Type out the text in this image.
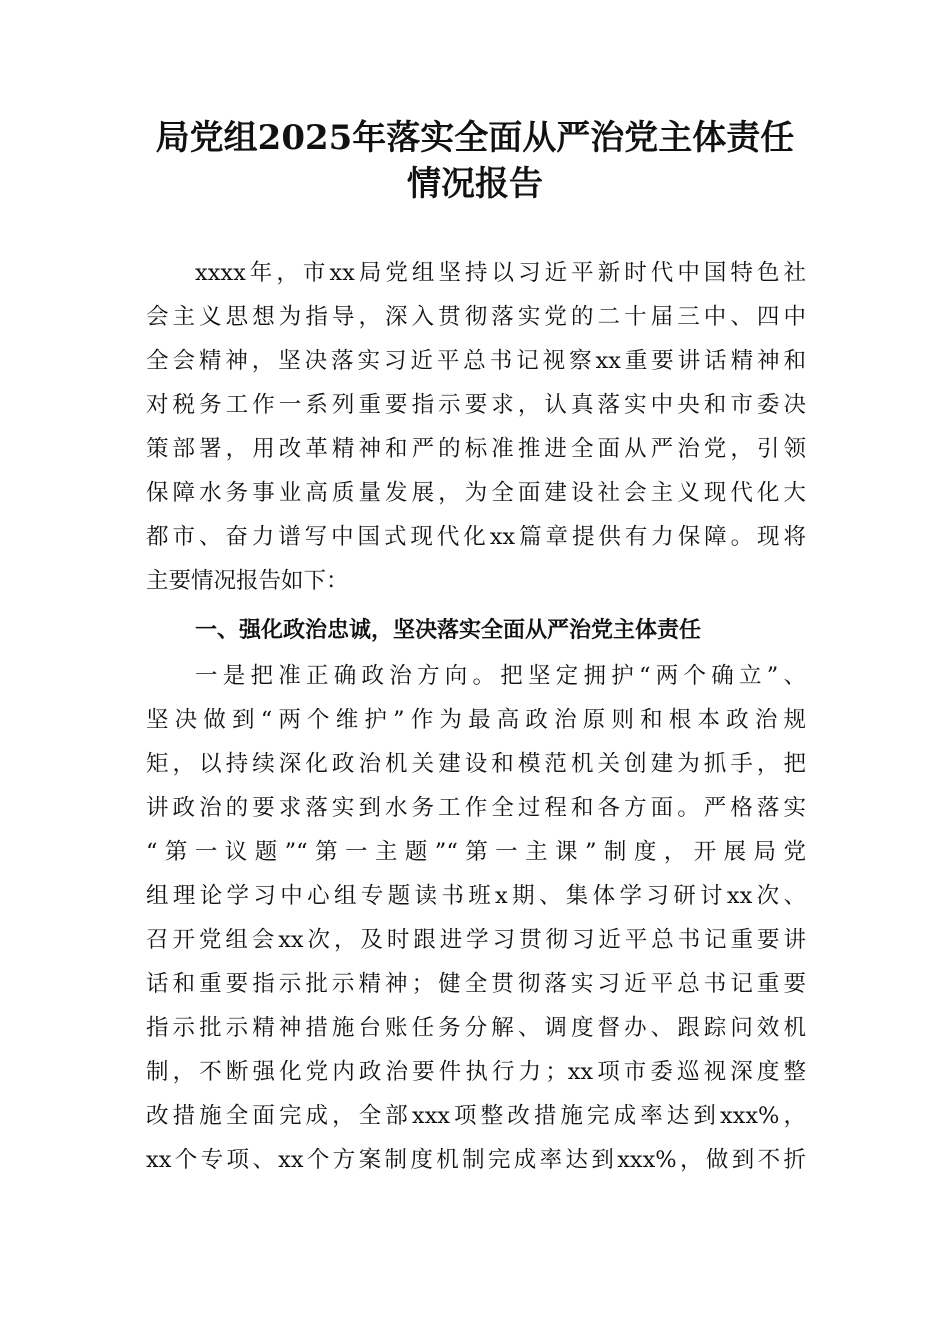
局党组2025年落实全面从严治党主体责任
情况报告
xxxx年，市xx局党组坚持以习近平新时代中国特色社
会主义思想为指导，深入贯彻落实党的二十届三中、四中
全会精神，坚决落实习近平总书记视察xx重要讲话精神和
对税务工作一系列重要指示要求，认真落实中央和市委决
策部署，用改革精神和严的标准推进全面从严治党，引领
保障水务事业高质量发展，为全面建设社会主义现代化大
都市、奋力谱写中国式现代化xx篇章提供有力保障。现将
主要情况报告如下：
一、强化政治忠诚，坚决落实全面从严治党主体责任
一是把准正确政治方向。把坚定拥护“两个确立”、
坚决做到“两个维护”作为最高政治原则和根本政治规
矩，以持续深化政治机关建设和模范机关创建为抓手，把
讲政治的要求落实到水务工作全过程和各方面。严格落实
“第一议题”“第一主题”“第一主课”制度，开展局党
组理论学习中心组专题读书班x期、集体学习研讨xx次、
召开党组会xx次，及时跟进学习贯彻习近平总书记重要讲
话和重要指示批示精神；健全贯彻落实习近平总书记重要
指示批示精神措施台账任务分解、调度督办、跟踪问效机
制，不断强化党内政治要件执行力；xx项市委巡视深度整
改措施全面完成，全部xxx项整改措施完成率达到xxx%，
xx个专项、xx个方案制度机制完成率达到xxx%，做到不折
